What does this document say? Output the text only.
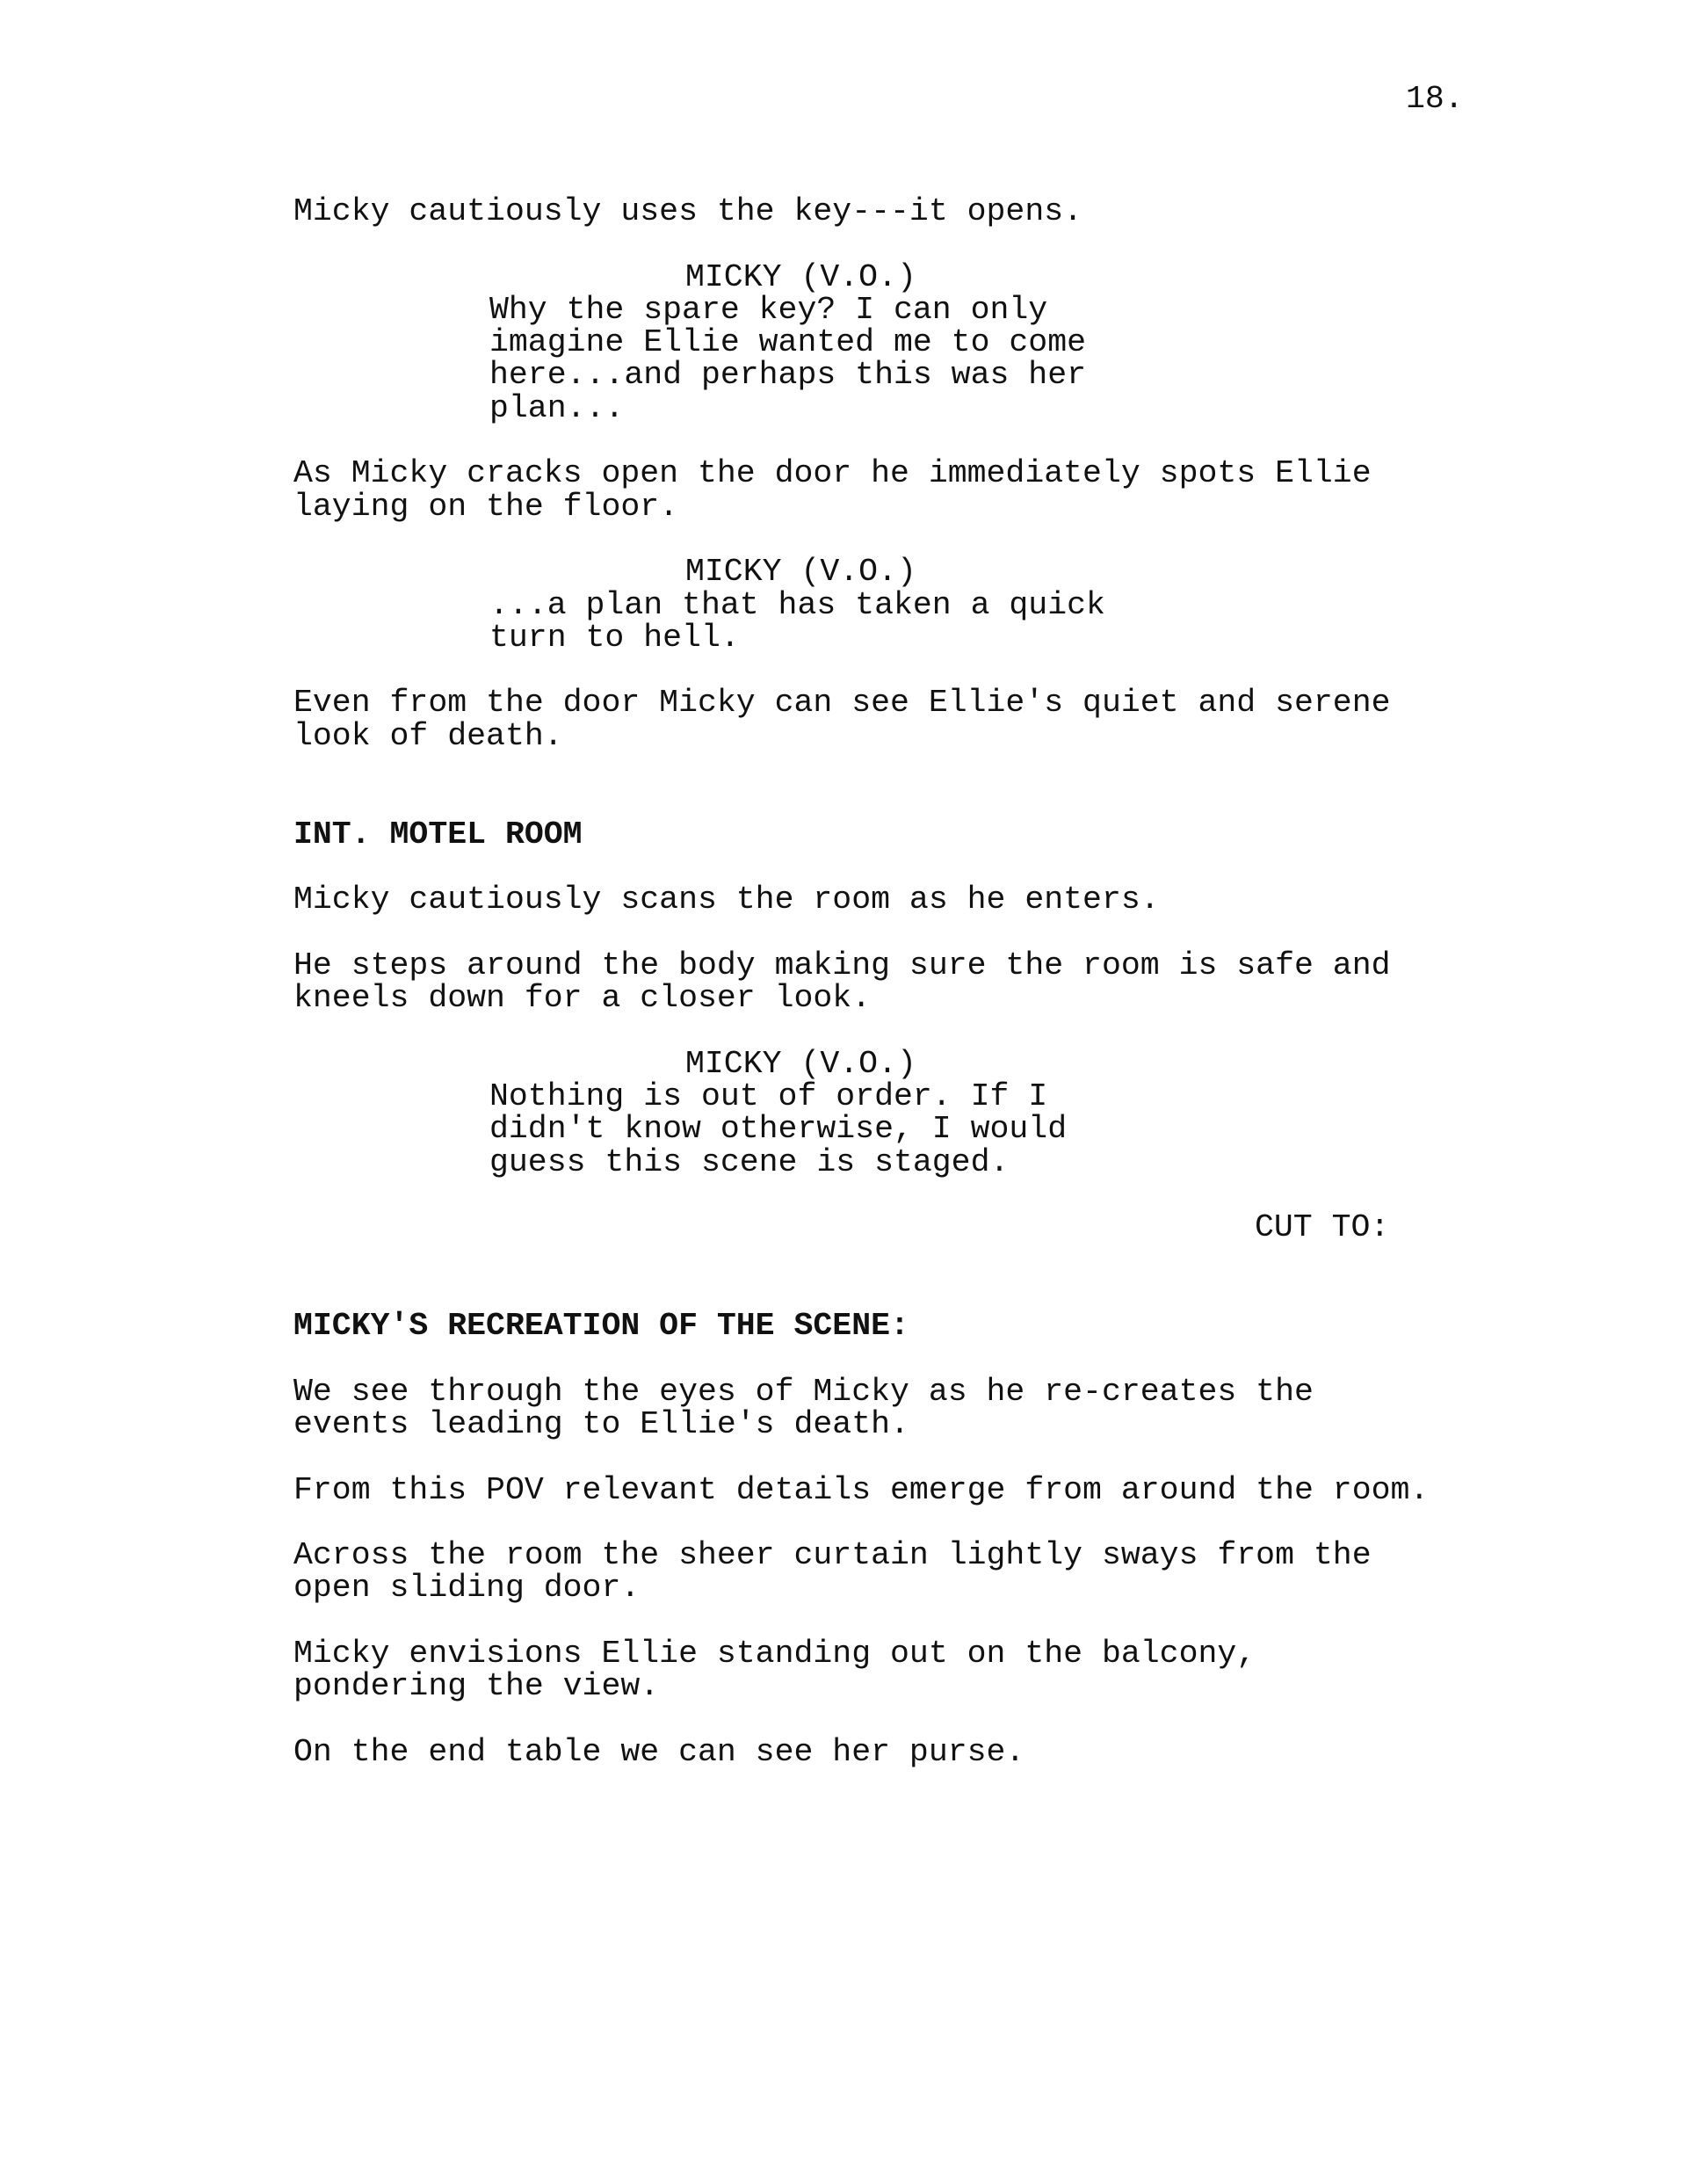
18.
Micky cautiously uses the key---it opens.
MICKY (V.O.)
Why the spare key? I can only
imagine Ellie wanted me to come
here...and perhaps this was her
plan...
As Micky cracks open the door he immediately spots Ellie
laying on the floor.
MICKY (V.O.)
...a plan that has taken a quick
turn to hell.
Even from the door Micky can see Ellie's quiet and serene
look of death.
INT. MOTEL ROOM
Micky cautiously scans the room as he enters.
He steps around the body making sure the room is safe and
kneels down for a closer look.
MICKY (V.O.)
Nothing is out of order. If I
didn't know otherwise, I would
guess this scene is staged.
CUT TO:
MICKY'S RECREATION OF THE SCENE:
We see through the eyes of Micky as he re-creates the
events leading to Ellie's death.
From this POV relevant details emerge from around the room.
Across the room the sheer curtain lightly sways from the
open sliding door.
Micky envisions Ellie standing out on the balcony,
pondering the view.
On the end table we can see her purse.
